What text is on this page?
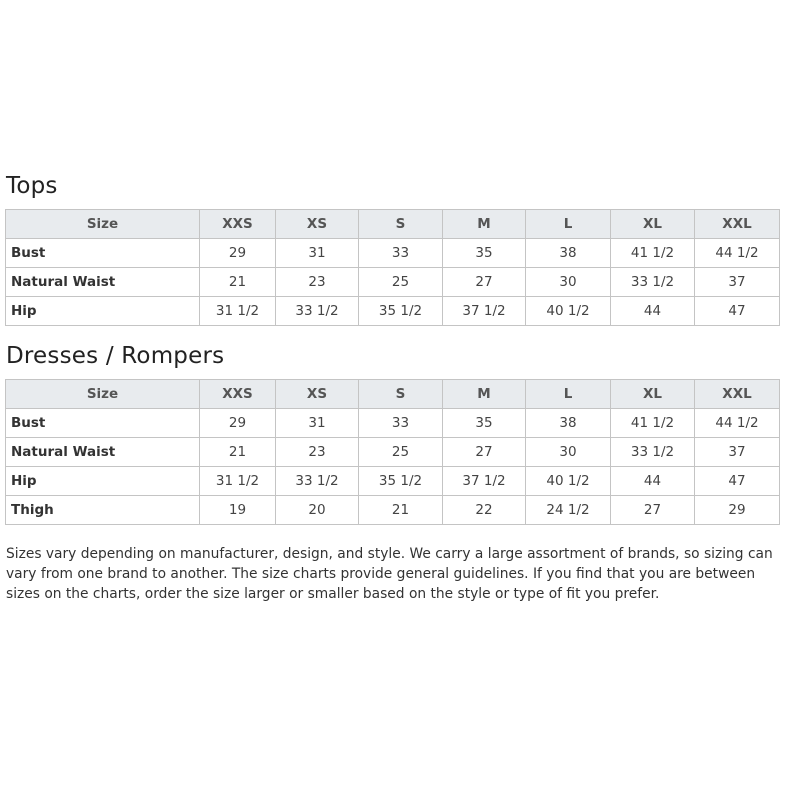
Tops
Size	XXS	XS	S	M	L	XL	XXL
Bust	29	31	33	35	38	41 1/2	44 1/2
Natural Waist	21	23	25	27	30	33 1/2	37
Hip	31 1/2	33 1/2	35 1/2	37 1/2	40 1/2	44	47
Dresses / Rompers
Size	XXS	XS	S	M	L	XL	XXL
Bust	29	31	33	35	38	41 1/2	44 1/2
Natural Waist	21	23	25	27	30	33 1/2	37
Hip	31 1/2	33 1/2	35 1/2	37 1/2	40 1/2	44	47
Thigh	19	20	21	22	24 1/2	27	29

Sizes vary depending on manufacturer, design, and style. We carry a large assortment of brands, so sizing can vary from one brand to another. The size charts provide general guidelines. If you find that you are between sizes on the charts, order the size larger or smaller based on the style or type of fit you prefer.
